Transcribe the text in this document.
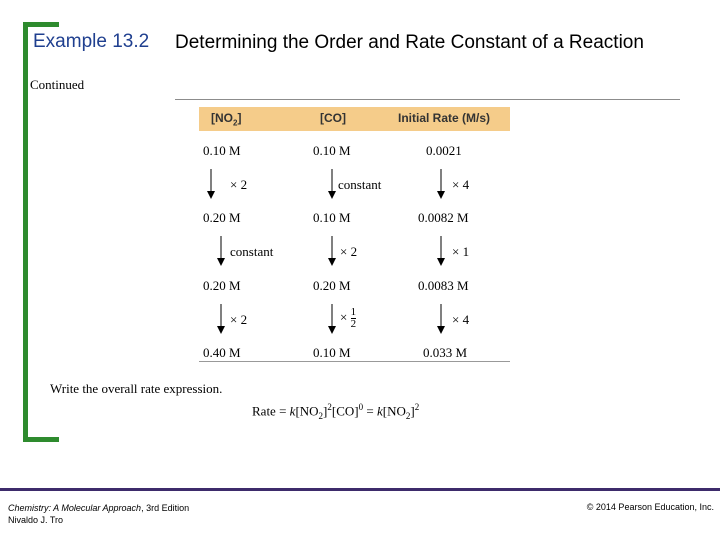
Example 13.2 Determining the Order and Rate Constant of a Reaction
Continued
$[NO_2]$	[CO]	Initial Rate (M/s)
0.10 M	0.10 M	0.0021
× 2	constant	× 4
0.20 M	0.10 M	0.0082 M
constant	× 2	× 1
0.20 M	0.20 M	0.0083 M
× 2	× $\frac{1}{2}$	× 4
0.40 M	0.10 M	0.033 M
Write the overall rate expression.
Rate = $k[NO_2]^2[CO]^0 = k[NO_2]^2$
Chemistry: A Molecular Approach, 3rd Edition
Nivaldo J. Tro
© 2014 Pearson Education, Inc.
